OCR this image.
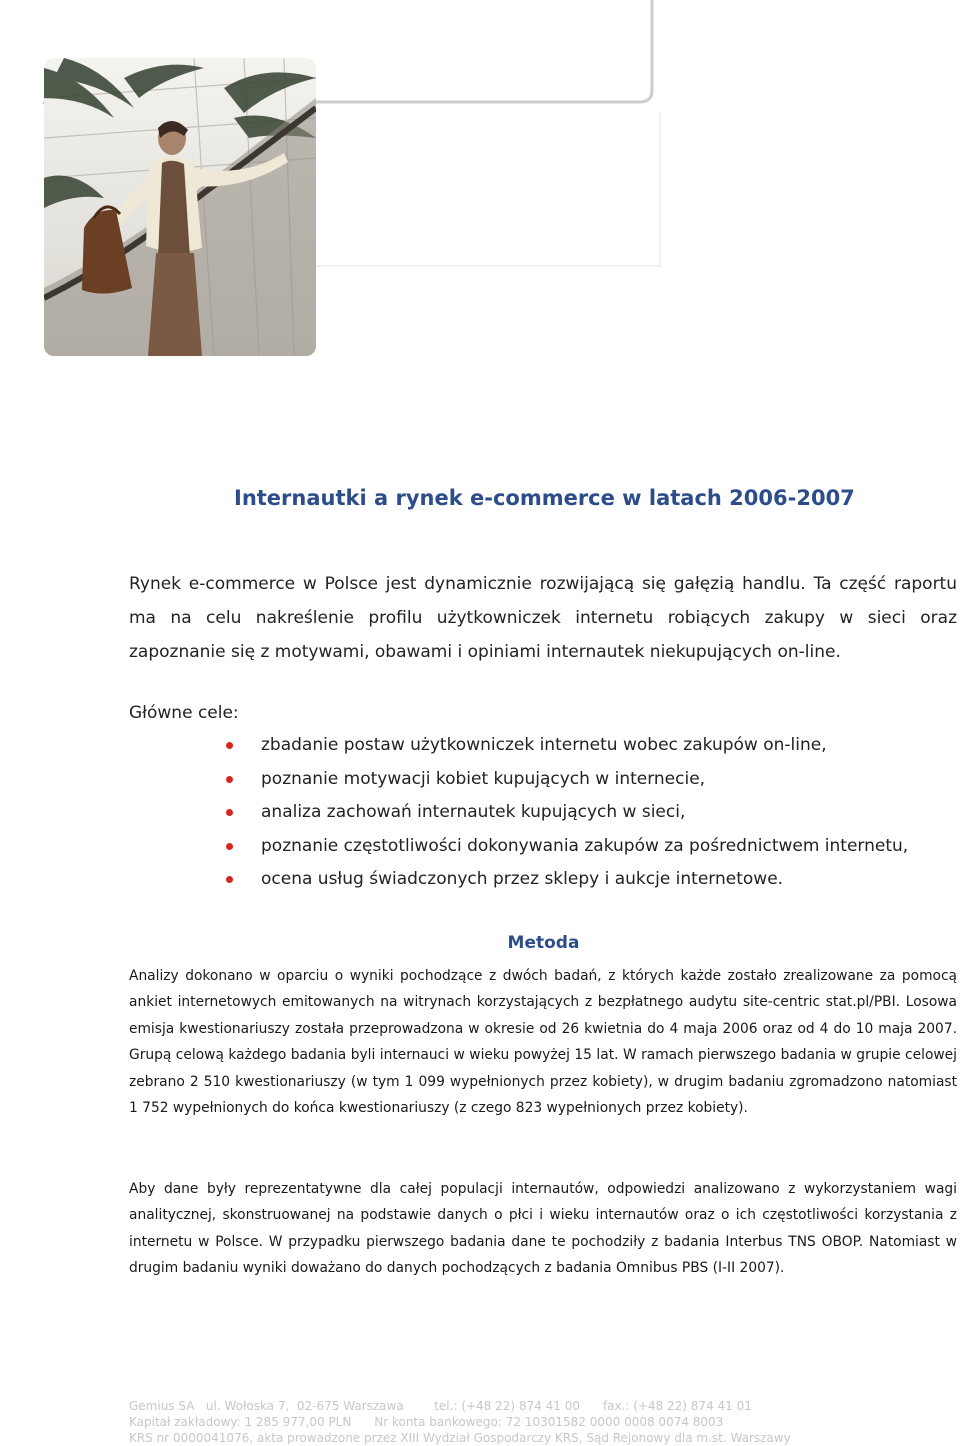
Internautki a rynek e-commerce w latach 2006-2007

Rynek e-commerce w Polsce jest dynamicznie rozwijającą się gałęzią handlu. Ta część raportu ma na celu nakreślenie profilu użytkowniczek internetu robiących zakupy w sieci oraz zapoznanie się z motywami, obawami i opiniami internautek niekupujących on-line.

Główne cele:

zbadanie postaw użytkowniczek internetu wobec zakupów on-line,
poznanie motywacji kobiet kupujących w internecie,
analiza zachowań internautek kupujących w sieci,
poznanie częstotliwości dokonywania zakupów za pośrednictwem internetu,
ocena usług świadczonych przez sklepy i aukcje internetowe.
Metoda

Analizy dokonano w oparciu o wyniki pochodzące z dwóch badań, z których każde zostało zrealizowane za pomocą ankiet internetowych emitowanych na witrynach korzystających z bezpłatnego audytu site-centric stat.pl/PBI. Losowa emisja kwestionariuszy została przeprowadzona w okresie od 26 kwietnia do 4 maja 2006 oraz od 4 do 10 maja 2007. Grupą celową każdego badania byli internauci w wieku powyżej 15 lat. W ramach pierwszego badania w grupie celowej zebrano 2 510 kwestionariuszy (w tym 1 099 wypełnionych przez kobiety), w drugim badaniu zgromadzono natomiast 1 752 wypełnionych do końca kwestionariuszy (z czego 823 wypełnionych przez kobiety).

Aby dane były reprezentatywne dla całej populacji internautów, odpowiedzi analizowano z wykorzystaniem wagi analitycznej, skonstruowanej na podstawie danych o płci i wieku internautów oraz o ich częstotliwości korzystania z internetu w Polsce. W przypadku pierwszego badania dane te pochodziły z badania Interbus TNS OBOP. Natomiast w drugim badaniu wyniki doważano do danych pochodzących z badania Omnibus PBS (I-II 2007).

Gemius SA   ul. Wołoska 7,  02-675 Warszawa        tel.: (+48 22) 874 41 00      fax.: (+48 22) 874 41 01
Kapitał zakładowy: 1 285 977,00 PLN      Nr konta bankowego: 72 10301582 0000 0008 0074 8003
KRS nr 0000041076, akta prowadzone przez XIII Wydział Gospodarczy KRS, Sąd Rejonowy dla m.st. Warszawy
